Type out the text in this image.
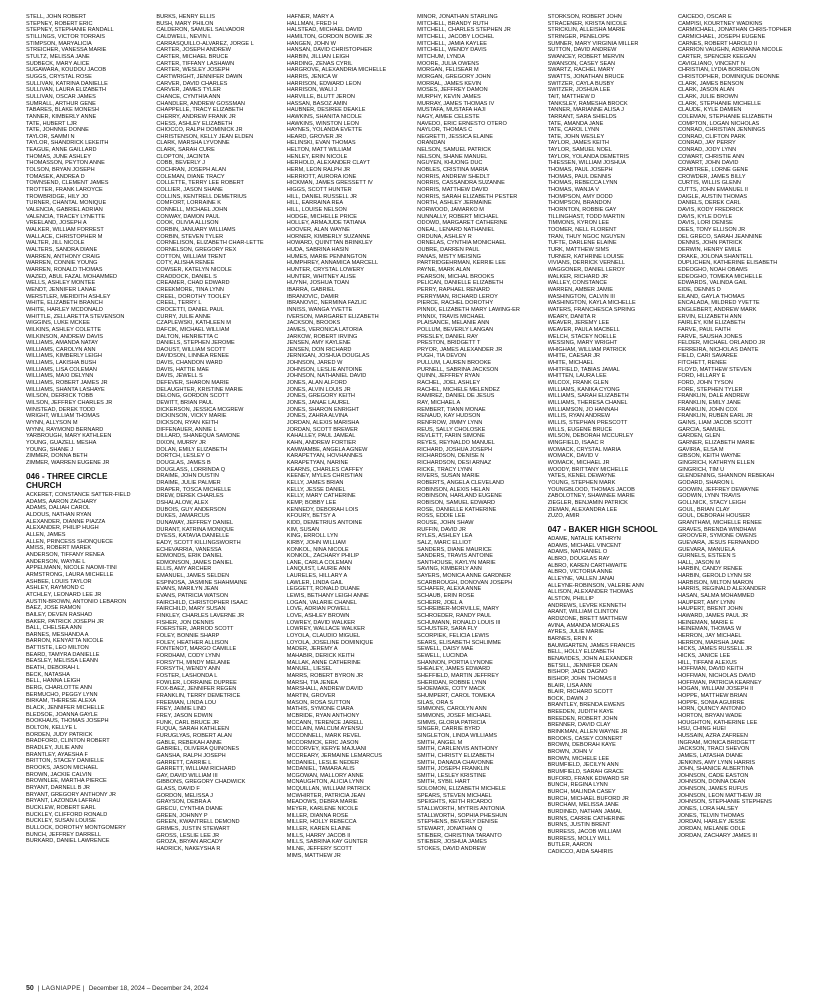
STELL, JOHN ROBERT
STEPNEY, ROBERT ERIC
STEPNEY, STEPHANIE RANDALL
STILLINGS, VICTOR TORRAIS
STIMPSON, MARYALICIA
STREICHER, VANESSA MARIE
STULTZ, MELISSA JANE
SUDBECK, MARY ALICE
SUGAWARA, KOUDOU JACOB
SUGGS, CRYSTAL ROSE
SULLIVAN, KATRINA DANIELLE
SULLIVAN, LAURA ELIZABETH
SULLIVAN, OSCAR JAMES
SUMRALL, ARTHUR GENE
TABARES, BLAKE MONESH
TANNER, KIMBERLY ANNE
TATE, HUBERT LJR
TATE, JOHNNIE DONNE
TAYLOR, SAMMI N
TAYLOR, SHANDRICK LEKEITH
TEAGUE, ANNE GAILLARD
THOMAS, JUNE ASHLEY
THOMASSON, PEYTON ANNE
TOLSON, BRYAN JOSEPH
TOMASEK, ANDREA D
TOWNSEND, CLEMENT JAMES
TROTTER, FRANK LAROYCE
TROWBRIDGE, HILY JO
TURNER, CHANTAL MONIQUE
VALENCIA, GABRIEL ADRIAN
VALENCIA, TRACEY LYNETTE
VREELAND, JOSEPH A
WALKER, WILLIAM FORREST
WALLACE, CHRISTOPHER M
WALTER, JILL NICOLE
WALTERS, SANDRA DIANE
WARREN, ANTHONY CRAIG
WARREN, CONNIE YOUNG
WARREN, RONALD THOMAS
WAZED, ABUL FAZAL MOHAMMED
WELLS, ASHLEY MONTEE
WENDT, JENNIFER LANAE
WERSTLER, MERIDITH ASHLEY
WHITE, ELIZABETH BRANCH
WHITE, HARLEY MCDONALD
WHITTLE, ZELLARETTA STEVENSON
WIGGINS, LUKE MCKEE
WILKINS, ASHLEY COLETTE
WILKINSON, ANDREW DAVIS
WILLIAMS, AMANDA NATAY
WILLIAMS, CAROLYN ANN
WILLIAMS, KIMBERLY LEIGH
WILLIAMS, LAKISHA BUSH
WILLIAMS, LISA COLEMAN
WILLIAMS, MAXI DELYNN
WILLIAMS, ROBERT JAMES JR
WILLIAMS, SHANTA LASHAYE
WILSON, DERRICK TOBB
WILSON, JEFFREY CHARLES JR
WINSTEAD, DEREK TODD
WRIGHT, WILLIAM THOMAS
WYNN, ALLYSON M
WYNN, RAYMOND BERNARD
YARBROUGH, MARY KATHLEEN
YOUNG, GUAZELL MESHA
YOUNG, SHANE J
ZIMMER, DONNA BETH
ZIMMER, WARREN EUGENE JR
046 - THREE CIRCLE CHURCH
ACKERET, CONSTANCE SATTER-FIELD
ADAMS, AARON ZACHARY
ADAMS, DALIAH CAROL
ALDOUS, NATHAN RYAN
ALEXANDER, DIANNE PIAZZA
ALEXANDER, PHILIP HUGH
ALLEN, JAMES
ALLEN, PRINCESS SHONQUECE
AMISS, ROBERT MAREK
ANDERSON, TIFFANY RENEA
ANDERSON, WAYNE L
APPELMANN, NICOLE NAOMI-TINI
ARMSTRONG, LAURA MICHELLE
ASHBEE, LOUIS TAYLOR
ASHLEY, RAYMOND C
ATCHLEY, LEONARD LEE JR
AUSTIN-BROWN, ANTONIO LEBARON
BAEZ, JOSE RAMON
BAILEY, DEVEN RASHAD
BAKER, PATRICK JOSEPH JR
BALL, CHELSEA ANN
BARNES, MESHANDA A
BARRON, KENYATTA NICOLE
BATTISTE, LEO MILTON
BEARD, TAMYRA DANIELLE
BEASLEY, MELISSA LEANN
BEATH, DEBORAH L
BECK, NATASHA
BELL, HANNA LEIGH
BERG, CHARLOTTE ANN
BERMUCHO, PEGGY LYNN
BIRKAM, THERESE ALEXA
BLACK, JENNIFER MICHELLE
BLEDSOE, JOANNA GAYLE
BOOKHAUS, THOMAS JOSEPH
BOLTON, KELLYE L
BORDEN, JUDY PATRICK
BRADFORD, CLINTON ROBERT
BRADLEY, JULIE ANN
BRANTLEY, AYAESHA F
BRITTON, STACEY DANIELLE
BROOKS, JASON MICHAEL
BROWN, JACKIE CALVIN
BROWNLEE, MARTHA PIERCE
BRYANT, DARNELL B JR
BRYANT, GREGORY ANTHONY JR
BRYANT, LAZONDA LAFRAU
BUCKLEW, ROBERT EARL
BUCKLEY, CLIFFORD RONALD
BUCKLEY, SUSAN LOUISE
BULLOCK, DOROTHY MONTGOMERY
BUNCH, JEFFREY DARRELL
BURKARD, DANIEL LAWRENCE
BURKS, HENRY ELLIS
BUSH, MARY PHILON
CALDERON, SAMUEL SALVADOR
CALDWELL, NEVIN L
CARRASQUILLO-ALVAREZ, JORGE L
CARTER, JOSEPH ANDREW
CARTER, MICHAEL BRUCE
CARTER, TIFFANY LASHAWN
CARTER, WESLEY JOSEPH
CARTWRIGHT, JENNIFER DAWN
CARVER, DAVID CHARLES
CARVER, JAMES TYLER
CHANCE, CYNTHIA ANN
CHANDLER, ANDREW GOSSMAN
CHAPPELLE, TRACY ELIZABETH
CHERRY, ANDREW FRANK JR
CHESS, ASHLEY ELIZABETH
CHIOCCO, RALPH DOMINICK JR
CHRISTENSON, KELLY JEAN ELDEN
CLARK, MARSHA LYVONNE
CLARK, SARAH CURE
CLOPTON, JACINTA
COBB, BEVERLY J
COCHRAN, JOSEPH ALAN
COLEMAN, DIANE TRACY
COLLETTE, TERRY LEE ROBERT
COLLIER, JASON SHANE
COLLINS, KENTRELL DEMETRIUS
COMFORT, LORRAINE K
CONNELL, MICHAEL JOHN
CONWAY, DAMON PAUL
COOK, OLIVIA ALLISON
CORBIN, JANUARY WILLIAMS
CORBIN, STEVEN TYLER
CORNELISON, ELIZABETH CHAR-LETTE
CORNELSON, GREGORY REX
COTTON, WILLIAM TRENT
COTY, ALISHA RENEE
COWSER, KATELYN NICOLE
CRADDOCK, DANIEL S
CREAMER, CHAD EDWARD
CREEKMORE, TINA LYNN
CREEL, DOROTHY TOOLEY
CREEL, TERRY L
CROCETTI, DANIEL PAUL
CURRY, JULIE ANNE
CZAPLEWSKI, KATHLEEN M
DAFCIK, MICHAEL WILLIAM
DALTON, HENRIETTA C
DANIELS, STEPHEN JEROME
DAOUST, WILLIAM SCOTT
DAVIDSON, LINNEA RENEE
DAVIS, CHANDON WARD
DAVIS, HATTIE MAE
DAVIS, JEWELL S
DEFEVER, SHARON MARIE
DELAUGHTER, KRISTINE MARIE
DELONG, GORDON SCOTT
DEWITT, BRIAN PAUL
DICKERSON, JESSICA MCGREW
DICKINSON, VICKY MARIE
DICKSON, RYAN KEITH
DIFFENAUER, ANNIE L
DILLARD, SHANEQUA SAMONE
DIXON, MURRY JR
DOLAN, EMILY ELIZABETH
DORTCH, LESLEY O
DOUGLAS, JAMES B
DOUGLASS, LORRINDA Q
DRAIME, JOHN DUSTIN
DRAIME, JULIE PALMER
DRAPER, TOSCA MICHELLE
DREW, DEREK CHARLES
DSHALALOW, ALEX
DUBOIS, GUY ANDERSON
DUKES, JAMARCUS
DUNAWAY, JEFFREY DANIEL
DURANT, KATRINA MONIQUE
DYESS, KATAVIA DANIELLE
EADY, SCOTT KILLINGSWORTH
ECHEVARRIA, VANESSA
EDMONDS, ERIK DANIEL
EDMONSON, JAMES DANIEL
ELLIS, AMY ARCHER
EMANUEL, JAMES SELDEN
ESPINOSA, JASMINE SHAHMAINE
EVANS, MARILYN JEAN
EVANS, PATRICIA WATSON
FAIRCHILD, CHRISTOPHER ISAAC
FAIRCHILD, MARY SUSAN
FINKLEY, CHARLES LAVERNE JR
FISHER, JON DENNIS
FOERSTER, JARROD SCOTT
FOLEY, BONNIE SHARP
FOLEY, HEATHER ALLISON
FONTENOT, MARGO CAMILLE
FORDHAM, CODY LYNN
FORSYTH, MINDY MELANIE
FORSYTH, WENDY ANN
FOSTER, LASHONDA L
FOWLER, LORRAINE DUPREE
FOX-BAEZ, JENNIFER REGEN
FRANKLIN, TERRY DEMETRICE
FREEMAN, LINDA LOU
FREY, JAIMIE LIND
FREY, JASON EDWIN
FUNK, CARL BRUCE JR
FUQUA, SARAH KATHLEEN
FURUGLYAS, ROBERT ALAN
GABLE, REBEKAH ANNE
GABRIEL, OLIVERA QUINONES
GANSHA, RALPH JOSEPH
GARRETT, CARRIE L
GARRETT, WILLIAM RICHARD
GAY, DAVID WILLIAM III
GIBBONS, GREGORY CHADWICK
GLASS, DAVID F
GORDON, MELISSA J
GRAYSON, DEBRA A
GRECU, CYNTHIA DIANE
GREEN, JOHNNY P
GREEN, KWANTRELL DEMOND
GRIMES, JUSTIN STEWART
GROSS, LESLIE LEE JR
GROZA, BRYAN ARCADY
HADRICK, NAKEYSHA R
HAFNER, MARY A
HALLMAN, FRED H
HALSTEAD, MICHAEL DAVID
HAMILTON, GORDON BOWIE JR
HANGEN, JOHN W
HANSAN, DAVID CHRISTOPHER
HARBIN, JILLIAN LEIGH
HARDING, ZENAS CYRIL
HARGROVE, ALEXANDRIA MICHELLE
HARRIS, JENICA W
HARRISON, EDWARD LEON
HARRISON, WALI J
HARVILLE, BLUTT JERON
HASSAN, BASOZ AMIN
HAUBNER, DESIREE DEAKLE
HAWKINS, SHANITA NICOLE
HAWKINS, WINSTON LEON
HAYNES, YOLANDA EVETTE
HEARD, GROVER JR
HELINSKI, EVAN THOMAS
HELTON, MATT WILLIAM
HENLEY, ERIN NICOLE
HERHOLD, ALEXANDER CLAYT
HERM, LEON RALPH JR
HERRIOTT, AURORA IONE
HICKMAN, JAMES GRESSETT IV
HIGGS, SCOTT HUNTER
HILL, DANIEL RUSSELL JR
HILL, EARRAINA REA
HILL, LOUISE NELSON
HODGE, MICHELLE PRICE
HOLLEY, ARMAJUDE TATIANA
HOOVER, ALAN WAYNE
HORNER, KIMBERLY SUZANNE
HOWARD, QUINTTAN BRINKLEY
HUDA, SABRINA HASIN
HUMES, MARIE PENNINGTON
HUMPHREY, ANNAMICA MARCELL
HUNTER, CRYSTAL LOWERY
HUNTER, WHITNEY ALISE
HUYNH, JOSHUA TOAN
IBARRA, GABRIEL
IBRANOVIC, DAMIR
IBRANOVIC, NERMINA FAZLIC
INNISS, WANGA YVETTE
IVERSON, MARGARET ELIZABETH
JACKSON, BROOKS
JAMES, VERONICA LATORIA
JARKOW, ROBERT IRVING
JENSEN, AMY KAYLENE
JENSEN, DON RICHARD
JERNIGAN, JOSHUA DOUGLAS
JOHNSON, JARED W
JOHNSON, LESLIE ANTOINE
JOHNSON, NATHANIEL DAVID
JONES, ALAN ALFORD
JONES, ALVIN LOUIS JR
JONES, GREGORY KEITH
JONES, JANAE LAUREL
JONES, SHARON ENRIGHT
JONES, ZAHRA ALVINA
JORDAN, ALEXIS MARISHA
JORDAN, SCOTT BREWER
KAHALLEY, PAUL JAMEAL
KAHN, ANDREW FORTIER
KAMWAMBE, ANGELA AGNEW
KARAPETYAN, HOVHANNES
KARAPETYAN, NARINE
KEARNS, CHARLES CAFFEY
KEENEY, MYLES CHRISTIAN
KELLY, JAMES BRIAN
KELLY, JESSE DANIEL
KELLY, MARY CATHERINE
KEMP, BOBBY LEE
KENNEDY, DEBORAH LOIS
KFOURY, BETSY A
KIDD, DEMETRIUS ANTOINE
KIM, SUSAN
KING, ERROLL LYN
KIRBY, JOHN WILLIAM
KONKOL, NINA NICOLE
KONKOL, ZACHARY PHILIP
LANE, CARLA COLEMAN
LANQUIST, LAURIE ANN
LAURELES, HILLARY A
LAWLER, LINDA GAIL
LEGGETT, RONALD DUANE
LEWIS, BETHANY LEIGH ANNE
LOGAN, VALARIE CHANEL
LOVE, ADRIAN POWELL
LOVE, ASHLEY BROWN
LOWREY, DAVID WALKER
LOWREY, WALLACE WALKER
LOYOLA, CLAUDIO MIGUEL
LOYOLA, JOSELINE DOMINIQUE
MADER, JEREMY A
MAHABIR, DERICK KEITH
MALLAK, ANNE CATHERINE
MANUEL, LIESEL
MARRS, ROBERT BYRON JR
MARSH, TIA JENEA
MARSHALL, ANDREW DAVID
MARTIN, GROVER
MASON, ROSA SUTTON
MATHIS, SYMONE CIARA
MCBRIDE, RYAN ANTHONY
MCCANN, TERENCE JARELL
MCCLAIN, MALCUM AYENSU
MCCONNELL, MARK REVEL
MCCORMICK, ERIC JASON
MCCORVEY, KERYE MAJUANI
MCCREARY, JERMAINE LEMARCUS
MCDANIEL, LESLIE NEDER
MCDANIEL, TAMARA ALIS
MCGOWAN, MALLORY ANNE
MCNAUGHTON, ALICIA LYNN
MCQUILLAN, WILLIAM PATRICK
MCWHIRTER, PATRICIA JEAN
MEADOWS, DEBRA MARIE
MEYER, KARLENE NICOLE
MILLER, DIANNA ROSE
MILLER, HOLLY REBECCA
MILLER, KAREN ELAINE
MILLS, HARRY JACOB II
MILLS, SABRINA KAY GUNTER
MILNE, JEFFERY SCOTT
MIMS, MATTHEW JR
MINOR, JONATHAN STARLING
MITCHELL, BRANDY RUTH
MITCHELL, CHARLES STEPHEN JR
MITCHELL, JACOBY LOCHEL
MITCHELL, JAMIA KAYLEE
MITCHELL, WENDY DAVIS
MITCHUM, LYNDA
MOORE, JULIA OWENS
MORGAN, FELISEAR M
MORGAN, GREGORY JOHN
MORRAL, JAMES KEVIN
MOSES, JEFFREY DAMON
MURPHY, KEVIN JAMES
MURRAY, JAMES THOMAS IV
MUSTAFA, MUSTAFA HAJI
NAGY, AIMEE CELESTE
NAVEDO, ERIC ERNESTO OTERO
NAYLOR, THOMAS C
NEGRETTI, JESSICA ELAINE
ORANDAN
NELSON, SAMUEL PATRICK
NELSON, SHANE MANUEL
NGUYEN, KHUONG DUC
NOBLES, CRISTINA MARIA
NORRIS, ANDREW SHEDLT
NORRIS, CASSANDRA SUZANNE
NORRIS, MATTHEW DAVID
NORRIS, SARAH ELIZABETH PESTER
NORTH, ASHLEY JERMAINE
NORWOOD, JAMARKO M
NUNNALLY, ROBERT MICHAEL
ODOWD, MARGARET CATHERINE
ONEAL, LENARD NATHANIEL
ORDUNA, ASHLEY R
ORNELAS, CYNTHIA MONICHAEL
OUBRE, DARREN PAUL
PANAS, MISTY MEISING
PARTRIDGEHRMAN, KERRIE LEE
PAYNE, MARK ALAN
PEARSON, MICHAL BROOKS
PELICAN, DANIELLE ELIZABETH
PERRY, RAPHAEL RENARD
PERRYMAN, RICHARD LEROY
PIERCE, RACHEL DOROTHY
PINNIX, ELIZABETH MARY LAWING-ER
PINNIX, TRAVIS MICHAEL
PLAISANCE, MELANIE ANN
POLLUM, BEVERLY LANGAN
PRESLEY, DANIEL RAY
PRESTON, BRIDGETT T
PRYOR, JAMES ALEXANDER JR
PUGH, TIA DEVON
PULLUM, LAUREN BROOKE
PURNELL, SABRINA JACKSON
QUINN, JEFFREY RYAN
RACHEL, JOEL ASHLEY
RACHEL, MICHELE MELENDEZ
RAMIREZ, DANIEL DE JESUS
RAY, MICHAEL A
REMBERT, TIANN MONAE
RENAUD, KAY HUDSON
RENFROW, JIMMY LYNN
REUS, SALLY CHOLOSKE
REVLETT, FARIN SIMONE
REYES, REYNALDO MANUEL
RICHARD, JOSHUA JOSEPH
RICHARDSON, DENISE N
RICHARDSON, DESI ARNAZ
RICKE, TRACY LYNN
RIVERS, SUSAN MARIE
ROBERTS, ANGELA CLEVELAND
ROBINSON, ALEXIS HELAN
ROBINSON, HARLAND EUGENE
ROBISON, SAMUEL EDWARD
ROSE, DANIELLE KATHERINE
ROSS, EDDIE LEE
ROUSE, JOHN SHAW
RUFFIN, DAVID JR
RYLES, ASHLEY LEA
SALZ, MARC ELLIOT
SANDERS, DIANE MAURICE
SANDERS, TRAVIS ANTOINE
SANTHOUSE, KAYLYN MARIE
SAVING, KIMBERLY ANN
SAYERS, MONICA ANNE GARDNER
SCARBROUGH, DONOVAN JOSEPH
SCHAFER, ALEXA ANNE
SCHAUB, ERIN ROSE
SCHERR, JOEL A
SCHREIBER-MORVILLE, MARY
SCHROEDER, RANDY PAUL
SCHUMANN, RONALD LOUIS III
SCHUSTER, SARA FLY
SCORPIEK, FELICIA LEWIS
SEARS, ELISABETH SCHLIMME
SEWELL, DAISY MAE
SEWELL, LUCINDA
SHANNON, PORTIA LYNONE
SHEALEY, JAMES EDWARD
SHEFFIELD, MARTIN JEFFREY
SHERIDAN, ROBBIE LYNN
SHOEMAKE, COTY MACK
SHUMPERT, CAROL TOMEKA
SILAS, ORA S
SIMMONS, CAROLYN ANN
SIMMONS, JOSEF MICHAEL
SIMMS, GLORIA PATRICIA
SINGER, CARRIE BYRD
SINGLETON, LINDA WILLIAMS
SMITH, ANGEL M
SMITH, CARLENVIS ANTHONY
SMITH, CHRISTY ELIZABETH
SMITH, DANADA CHAVONNE
SMITH, JOSEPH FRANKLIN
SMITH, LESLEY KRISTINE
SMITH, SYBIL HART
SOLOMON, ELIZABETH MICHELE
SPEARS, STEVEN MICHAEL
SPEIGHTS, KEITH RICARDO
STALLWORTH, MYTRIS ANTONIA
STALLWORTH, SOPHIA PHESHUN
STEPHENS, BEVERLY DENISE
STEWART, JONATHAN Q
STIEBER, CHRISTINA TARANTO
STIEBER, JOSHUA JAMES
STOKES, DAVID ANDREW
STORKSON, ROBERT JOHN
STRACENER, KRISTA NICOLE
STRICKLIN, ALLEISHA MARIE
STRINGER, PENELOPE
SUMNER, MARY VIRGINIA MILLER
SUTTON, DAVID ANDREW
SWANCEY, ROBERT MERVIN
SWANSON, CASEY SEAN
SWARTZ, RACHEL MARY
SWATTS, JONATHAN BRUCE
SWITZER, CAYLA BUSBY
SWITZER, JOSHUA LEE
TAIT, MATTHEW D
TANKSLEY, RAMESHA BROCK
TANNER, MARIANNE ALISA J
TARRANT, SARA SHIELDS
TATE, AMANDA JANE
TATE, CAROL LYNN
TATE, JOHN WESLEY
TAYLOR, JAMES KEITH
TAYLOR, SAMUEL NOEL
TAYLOR, YOLANDA DEMETRIS
THIESSEN, WILLIAM JOSHUA
THOMAS, PAUL JOSEPH
THOMAS, PAUL DENNIS
THOMAS, REBECCA LYNN
THOMAS, WANJA V
THOMPSON, AMY DODD
THOMPSON, BRANDON
THORNTON, ROBBIE GAY
TILLINGHAST, TODD MARTIN
TIMMONS, KYRON LEE
TOOMER, NELL FLORENT
TRAN, THUY NGOC NGUYEN
TUFTE, DARLENE ELAINE
TURK, MATTHEW SIMS
TURNER, KATHRINE LOUISE
VIVIANS, DERRICK VERNELL
WAGGONER, DANIEL LEROY
WALKER, RICHARD JR
WALLEY, CONSTANCE
WARREN, AMBER JAMIE
WASHINGTON, CALVIN III
WASHINGTON, KAYLA MICHELLE
WATERS, FRANCHESCA SPRING
WEARY, DANITA R
WEAVER, JEREMY LEE
WEAVER, PAULA MACBELL
WELCH, STACEY NOELLE
WESSING, MARY WRIGHT
WHIGHAM, WILLIAM PATRICK
WHITE, CAESAR JR
WHITE, MICHAEL
WHITFIELD, TABIAS JAMAL
WHITTEN, LAURA LEE
WILCOX, FRANK GLEN
WILLIAMS, KANIKA CYONG
WILLIAMS, SARAH ELIZABETH
WILLIAMS, THERESA CHANEL
WILLIAMSON, JO HANNAH
WILLIS, RYAN ANDREW
WILLIS, STEPHAN PRESCOTT
WILLS, EUGENE BRUCE
WILSON, DEBORAH MCCURLEY
WINGFIELD, ISAAC R
WOMACK, CRYSTAL MARIA
WOMACK, DAVID V
WOMACK, MICHAEL JR
WOODY, BRITTANY MICHELLE
YATES, KENEL DEWAYNE
YOUNG, STEPHEN MARK
YOUNGBLOOD, THOMAS JACOB
ZABOLOTNEY, SHAWNEE MARIE
ZIEGLER, BENJAMIN PATRICK
ZIEMAN, ALEXANDRA LEE
ZUZO, AMIR
047 - BAKER HIGH SCHOOL
ADAME, NATALIE KATHRYN
ADAMS, MICHAEL VINCENT
ADAMS, NATHANIEL O
ALBRO, DOUGLAS RAY
ALBRO, KAREN CARTHWAITE
ALBRO, VICTORIA ANNE
ALLEYNE, VALLEN JANAI
ALLEYNE-ROBINSON, VALERIE ANN
ALLISON, ALEXANDER THOMAS
ALSTON, PHILLIP
ANDREWS, LEVRE KENNETH
ARANT, WILLIAM CLINTON
ARDIZONE, BRETT MATTHEW
AVINA, AMANDA MORALES
AYRES, JULIE MARIE
BARNES, ERIN K
BAUMGARTEN, JAMES FRANCIS
BELL, HOLLY ELIZABETH
BENAVIDES, JOHN ALEXANDER
BETSILL, JENNIFER DEAN
BISHOP, JADE DAGNO
BISHOP, JOHN THOMAS II
BLAIR, LISA ANN
BLAIR, RICHARD SCOTT
BOCK, DAWN J
BRANTLEY, BRENDA EWENS
BREEDEN, JUDITH KAYE
BREEDEN, ROBERT JOHN
BRENNER, DAVID CLAY
BRINKMAN, ALLEN WAYNE JR
BROOKS, CASEY CONNERT
BROWN, DEBORAH KAYE
BROWN, JOHN V
BROWN, MICHELE LEE
BRUMFIELD, JECILYN ANN
BRUMFIELD, SARAH GRACE
BUFORD, FRANK EDWARD SR
BUNCH, REGINA LYNN
BURCH, MALINDA CASEY
BURCH, MICHAEL BUFORD JR
BURCHAM, MELISSA JANE
BURDINED, NATHAN JAMAL
BURNS, CARRIE CATHERINE
BURNS, JUSTIN BRENT
BURRESS, JACOB WILLIAM
BURRESS, MOLLY WILL
BUTLER, AARON
CADICCO, AIDA SAHIRIS
CAICEDO, OSCAR E
CAMPISI, KOURTNEY WADKINS
CARMICHAEL, JONATHAN CHRIS-TOPHER
CARMICHAEL, JOSEPH EUGENE
CARNES, ROBERT HAROLD II
CARRION VAUGHN, ADRIANNA NICOLE
CARTER, SPENCER KEEGAN
CAVIGLIANO, VINCENT N
CHRISTIAN, LYDIA BORDELON
CHRISTOPHER, DOMINIQUE DEONNE
CLARK, JAMES BENSON
CLARK, JASON ALAN
CLARK, JULIE BROWN
CLARK, STEPHANIE MICHELLE
CLAUDE, KYLE DAMIEN
COLEMAN, STEPHANIE ELIZABETH
COMPTON, LOGAN NICHOLAS
CONRAD, CHRISTIAN JENNINGS
CONRAD, CLIFTON PARK
CONRAD, JAY PERRY
CONRAD, JODY LYNN
COWART, CHRISTIE ANN
COWART, JOHN DAVID
CRABTREE, LORNE GENE
CROWDER, JAMES BILLY
CURTIS, WILLIS GLENN
CUTTS, JOHN EMANUEL II
DAIGLE, AUSTIN THOMAS
DANIELS, DEREK CARL
DAVIS, KODY FREDRICK
DAVIS, KYLE DOYLE
DAVIS, LORI DENISE
DEES, TONY ELLISON JR
DEL GRECO, SARAH JEANNINE
DENNIS, JOHN PATRICK
DERWIN, HENRY EMILE
DRAKE, JOLONA SHANTELL
DUPLICHEN, KATHERINE ELISABETH
EDEOGHO, NOAH OBAMS
EDEOGHO, TOMEKA MICHELLE
EDWARDS, VALINDA GAIL
EIDE, DENNIS D
EILAND, GAYLA THOMAS
ENCALADA, MILDRED YVETTE
ENGLEBERT, ANDREW MARK
ERVIN, ELIZABETH ANN
FAIRLEY, KIM ELIZABETH
FARVE, PAUL FAITH
FARVE, SAUSHA JONES
FELDER, MICHAEL ORLANDO JR
FERREIRA, NICHOLAS DANTE
FIELD, CARI SAVAREE
FITCHETT, RENEE
FLOYD, MATTHEW STEVEN
FORD, HILLARY E
FORD, JOHN TYSON
FORE, STEPHEN TYLER
FRANKLIN, DALE ANDREW
FRANKLIN, EMILY JANE
FRANKLIN, JOHN COX
FRANKLIN, RUBEN EARL JR
GAINS, LIAM JACOB SCOTT
GARCIA, SAMUEL
GARDEN, GLEN
GARNER, ELIZABETH MARIE
GAVIRIA, ELSA M
GIBSON, KEITH WAYNE
GINGRICH, KATHRYN ELLEN
GINGRICH, TIM U
GLENDENING, SHANNON REBEKAH
GODARD, SHARON L
GOOWIN, JEFFREY DEWAYNE
GODWIN, LYNN TRAVIS
GOLLNICK, STACY LEIGH
GOUL, BRIAN CLAY
GOUL, DEBORAH HOUSER
GRANTHAM, MICHELLE RENEE
GRAVES, BRENDA WINDHAM
GROOVER, SYMONE OWENS
GUEVARA, JESUS FERNANDO
GUEVARA, MANUELA
GURNELS, ESTEEN S
HALL, JASON M
HARBIN, CANDY RENEE
HARBIN, GEROLD LYNN SR
HARBISON, MILTON MARON
HARRIS, REGINALD ALEXANDER
HASAN, SALMA MOHAMMED
HAUPERT, AMY LYNN
HAUPERT, BRENT JOHN
HAWARD, JAMES PAUL JR
HEINEMAN, MARIE E
HEINEMAN, THOMAS W
HERRON, JAY MICHAEL
HERRON, MARSHA JANE
HICKS, JAMES RUSSELL JR
HICKS, JANICE LEE
HILL, TIFFANI ALEXUS
HOFFMAN, DAVID KEITH
HOFFMAN, NICHOLAS DAVID
HOFFMAN, PATRICIA KEARNEY
HOGAN, WILLIAM JOSEPH II
HOPPE, MATTHEW BRIAN
HOPPE, SONIA AGUIRRE
HORN, QUINCY ANTONIO
HORTON, BRYAN WADE
HOUGHTON, KATHERINE LEE
HSU, CHING HUEI
HUSSAIN, AZRA ZAFREEN
INGRAM, MONICA BRIDGETT
JACKSON, TRACI SHEVON
JAMES, LATASHA DIANE
JENKINS, AMY LYNN HARRIS
JOHN, SHANICE ALBERTINA
JOHNSON, CADE EASTON
JOHNSON, DONNA DEAN
JOHNSON, JAMES RUFUS
JOHNSON, LEON MATTHEW JR
JOHNSON, STEPHANIE STEPHENS
JONES, LORA HALSEY
JONES, TELVIN THOMAS
JORDAN, HARLEY JESSE
JORDAN, MELANIE ODLE
JORDAN, ZACHARY JAMES III
50 | LAGNIAPPE | December 18, 2024 – December 24, 2024
